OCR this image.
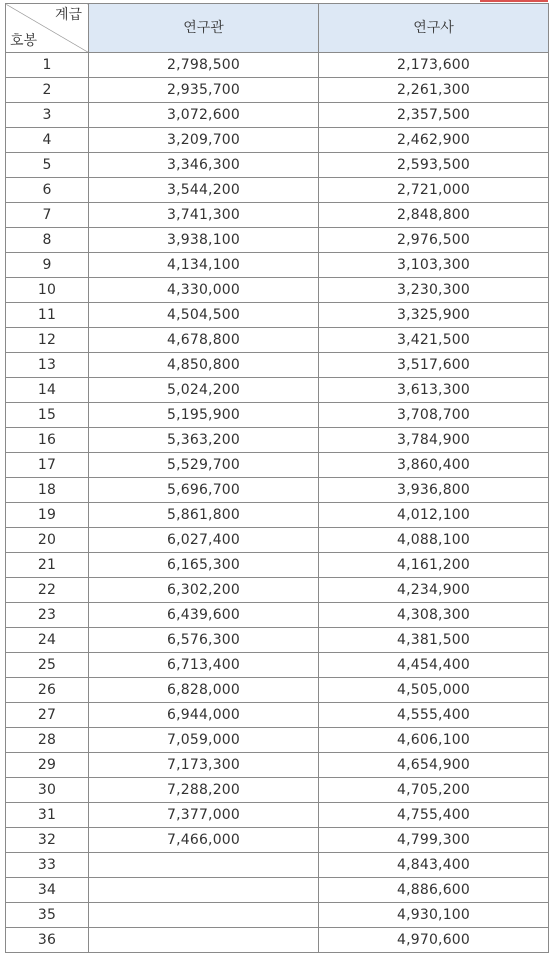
계급
호봉	연구관	연구사
1	2,798,500	2,173,600
2	2,935,700	2,261,300
3	3,072,600	2,357,500
4	3,209,700	2,462,900
5	3,346,300	2,593,500
6	3,544,200	2,721,000
7	3,741,300	2,848,800
8	3,938,100	2,976,500
9	4,134,100	3,103,300
10	4,330,000	3,230,300
11	4,504,500	3,325,900
12	4,678,800	3,421,500
13	4,850,800	3,517,600
14	5,024,200	3,613,300
15	5,195,900	3,708,700
16	5,363,200	3,784,900
17	5,529,700	3,860,400
18	5,696,700	3,936,800
19	5,861,800	4,012,100
20	6,027,400	4,088,100
21	6,165,300	4,161,200
22	6,302,200	4,234,900
23	6,439,600	4,308,300
24	6,576,300	4,381,500
25	6,713,400	4,454,400
26	6,828,000	4,505,000
27	6,944,000	4,555,400
28	7,059,000	4,606,100
29	7,173,300	4,654,900
30	7,288,200	4,705,200
31	7,377,000	4,755,400
32	7,466,000	4,799,300
33		4,843,400
34		4,886,600
35		4,930,100
36		4,970,600
